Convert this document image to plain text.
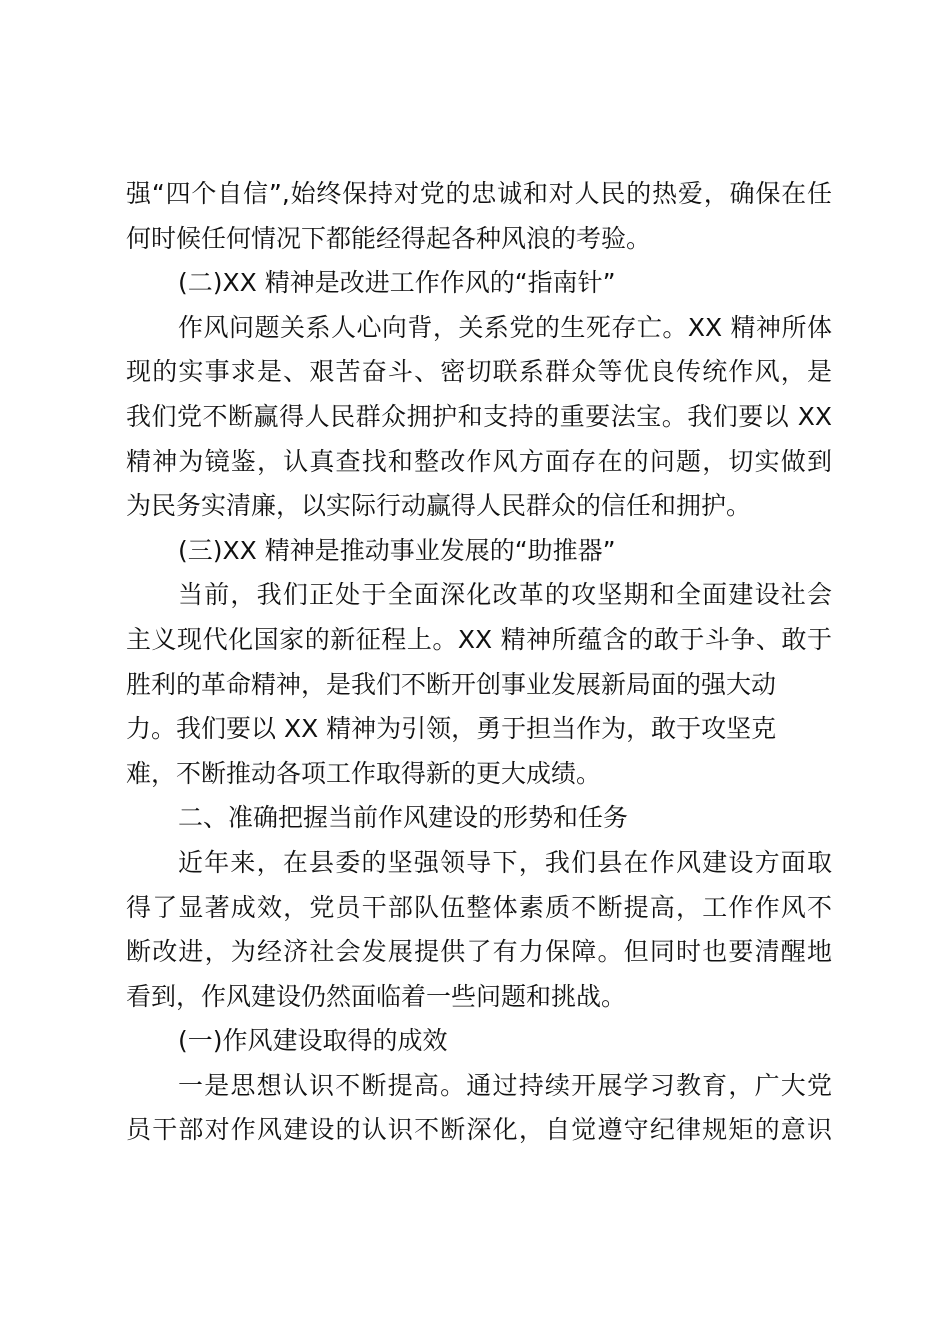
强“四个自信”,始终保持对党的忠诚和对人民的热爱，确保在任
何时候任何情况下都能经得起各种风浪的考验。
(二)XX 精神是改进工作作风的“指南针”
作风问题关系人心向背，关系党的生死存亡。XX 精神所体
现的实事求是、艰苦奋斗、密切联系群众等优良传统作风，是
我们党不断赢得人民群众拥护和支持的重要法宝。我们要以 XX
精神为镜鉴，认真查找和整改作风方面存在的问题，切实做到
为民务实清廉，以实际行动赢得人民群众的信任和拥护。
(三)XX 精神是推动事业发展的“助推器”
当前，我们正处于全面深化改革的攻坚期和全面建设社会
主义现代化国家的新征程上。XX 精神所蕴含的敢于斗争、敢于
胜利的革命精神，是我们不断开创事业发展新局面的强大动
力。我们要以 XX 精神为引领，勇于担当作为，敢于攻坚克
难，不断推动各项工作取得新的更大成绩。
二、准确把握当前作风建设的形势和任务
近年来，在县委的坚强领导下，我们县在作风建设方面取
得了显著成效，党员干部队伍整体素质不断提高，工作作风不
断改进，为经济社会发展提供了有力保障。但同时也要清醒地
看到，作风建设仍然面临着一些问题和挑战。
(一)作风建设取得的成效
一是思想认识不断提高。通过持续开展学习教育，广大党
员干部对作风建设的认识不断深化，自觉遵守纪律规矩的意识
